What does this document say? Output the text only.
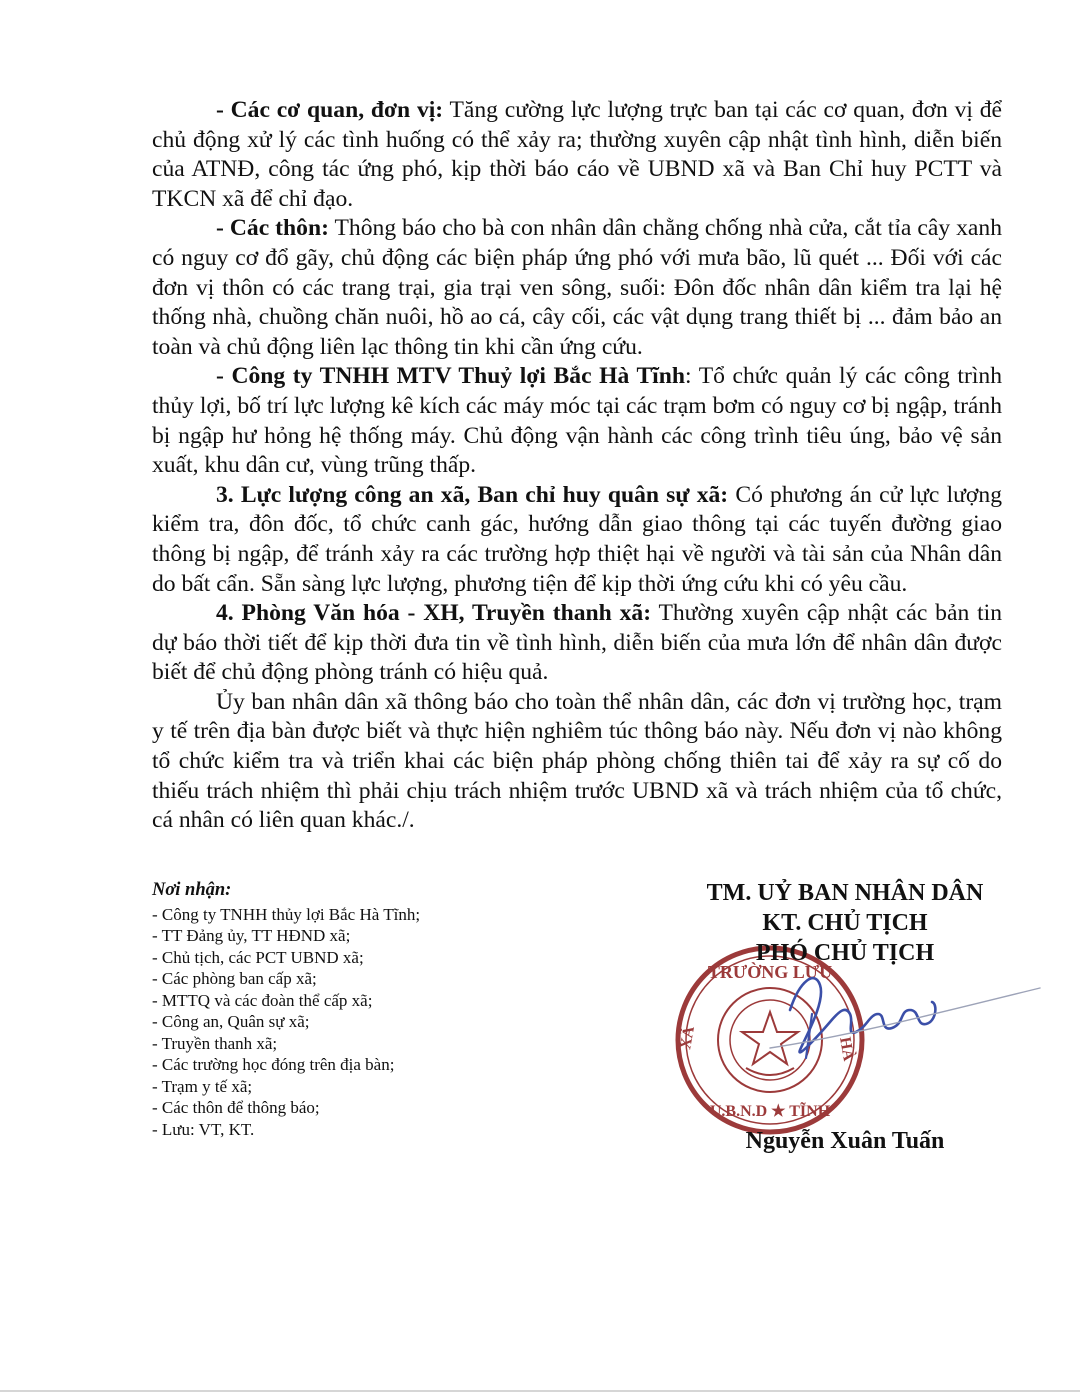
- Các cơ quan, đơn vị: Tăng cường lực lượng trực ban tại các cơ quan, đơn vị để chủ động xử lý các tình huống có thể xảy ra; thường xuyên cập nhật tình hình, diễn biến của ATNĐ, công tác ứng phó, kịp thời báo cáo về UBND xã và Ban Chỉ huy PCTT và TKCN xã để chỉ đạo.

- Các thôn: Thông báo cho bà con nhân dân chằng chống nhà cửa, cắt tỉa cây xanh có nguy cơ đổ gãy, chủ động các biện pháp ứng phó với mưa bão, lũ quét ... Đối với các đơn vị thôn có các trang trại, gia trại ven sông, suối: Đôn đốc nhân dân kiểm tra lại hệ thống nhà, chuồng chăn nuôi, hồ ao cá, cây cối, các vật dụng trang thiết bị ... đảm bảo an toàn và chủ động liên lạc thông tin khi cần ứng cứu.

- Công ty TNHH MTV Thuỷ lợi Bắc Hà Tĩnh: Tổ chức quản lý các công trình thủy lợi, bố trí lực lượng kê kích các máy móc tại các trạm bơm có nguy cơ bị ngập, tránh bị ngập hư hỏng hệ thống máy. Chủ động vận hành các công trình tiêu úng, bảo vệ sản xuất, khu dân cư, vùng trũng thấp.

3. Lực lượng công an xã, Ban chỉ huy quân sự xã: Có phương án cử lực lượng kiểm tra, đôn đốc, tổ chức canh gác, hướng dẫn giao thông tại các tuyến đường giao thông bị ngập, để tránh xảy ra các trường hợp thiệt hại về người và tài sản của Nhân dân do bất cẩn. Sẵn sàng lực lượng, phương tiện để kịp thời ứng cứu khi có yêu cầu.

4. Phòng Văn hóa - XH, Truyền thanh xã: Thường xuyên cập nhật các bản tin dự báo thời tiết để kịp thời đưa tin về tình hình, diễn biến của mưa lớn để nhân dân được biết để chủ động phòng tránh có hiệu quả.

Ủy ban nhân dân xã thông báo cho toàn thể nhân dân, các đơn vị trường học, trạm y tế trên địa bàn được biết và thực hiện nghiêm túc thông báo này. Nếu đơn vị nào không tổ chức kiểm tra và triển khai các biện pháp phòng chống thiên tai để xảy ra sự cố do thiếu trách nhiệm thì phải chịu trách nhiệm trước UBND xã và trách nhiệm của tổ chức, cá nhân có liên quan khác./.

Nơi nhận:
- Công ty TNHH thủy lợi Bắc Hà Tĩnh;
- TT Đảng ủy, TT HĐND xã;
- Chủ tịch, các PCT UBND xã;
- Các phòng ban cấp xã;
- MTTQ và các đoàn thể cấp xã;
- Công an, Quân sự xã;
- Truyền thanh xã;
- Các trường học đóng trên địa bàn;
- Trạm y tế xã;
- Các thôn để thông báo;
- Lưu: VT, KT.
TRƯỜNG LƯU
XÃ	HÀ
U.B.N.D ★ TĨNH
TM. UỶ BAN NHÂN DÂN
KT. CHỦ TỊCH
PHÓ CHỦ TỊCH
Nguyễn Xuân Tuấn
